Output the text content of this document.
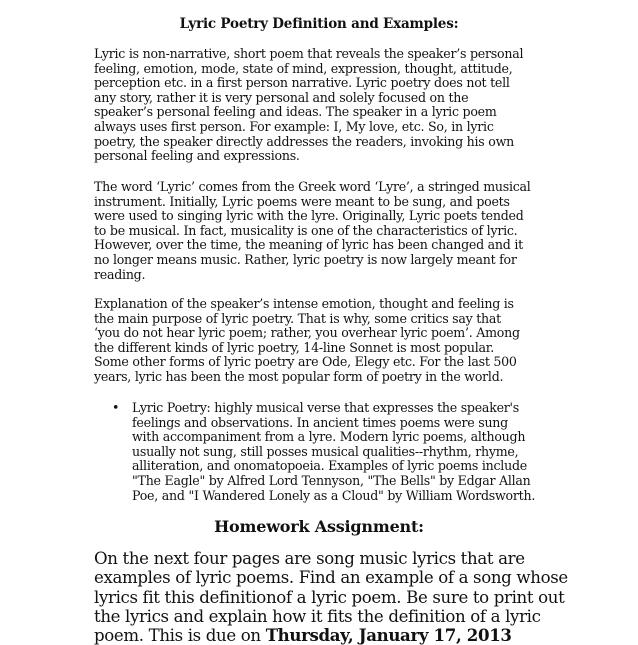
Lyric Poetry Definition and Examples:
Lyric is non-narrative, short poem that reveals the speaker’s personal
feeling, emotion, mode, state of mind, expression, thought, attitude,
perception etc. in a first person narrative. Lyric poetry does not tell
any story, rather it is very personal and solely focused on the
speaker’s personal feeling and ideas. The speaker in a lyric poem
always uses first person. For example: I, My love, etc. So, in lyric
poetry, the speaker directly addresses the readers, invoking his own
personal feeling and expressions.
The word ‘Lyric’ comes from the Greek word ‘Lyre’, a stringed musical
instrument. Initially, Lyric poems were meant to be sung, and poets
were used to singing lyric with the lyre. Originally, Lyric poets tended
to be musical. In fact, musicality is one of the characteristics of lyric.
However, over the time, the meaning of lyric has been changed and it
no longer means music. Rather, lyric poetry is now largely meant for
reading.
Explanation of the speaker’s intense emotion, thought and feeling is
the main purpose of lyric poetry. That is why, some critics say that
‘you do not hear lyric poem; rather, you overhear lyric poem’. Among
the different kinds of lyric poetry, 14-line Sonnet is most popular.
Some other forms of lyric poetry are Ode, Elegy etc. For the last 500
years, lyric has been the most popular form of poetry in the world.
• Lyric Poetry: highly musical verse that expresses the speaker's
feelings and observations. In ancient times poems were sung
with accompaniment from a lyre. Modern lyric poems, although
usually not sung, still posses musical qualities--rhythm, rhyme,
alliteration, and onomatopoeia. Examples of lyric poems include
"The Eagle" by Alfred Lord Tennyson, "The Bells" by Edgar Allan
Poe, and "I Wandered Lonely as a Cloud" by William Wordsworth.
Homework Assignment:
On the next four pages are song music lyrics that are
examples of lyric poems. Find an example of a song whose
lyrics fit this definitionof a lyric poem. Be sure to print out
the lyrics and explain how it fits the definition of a lyric
poem. This is due on Thursday, January 17, 2013
